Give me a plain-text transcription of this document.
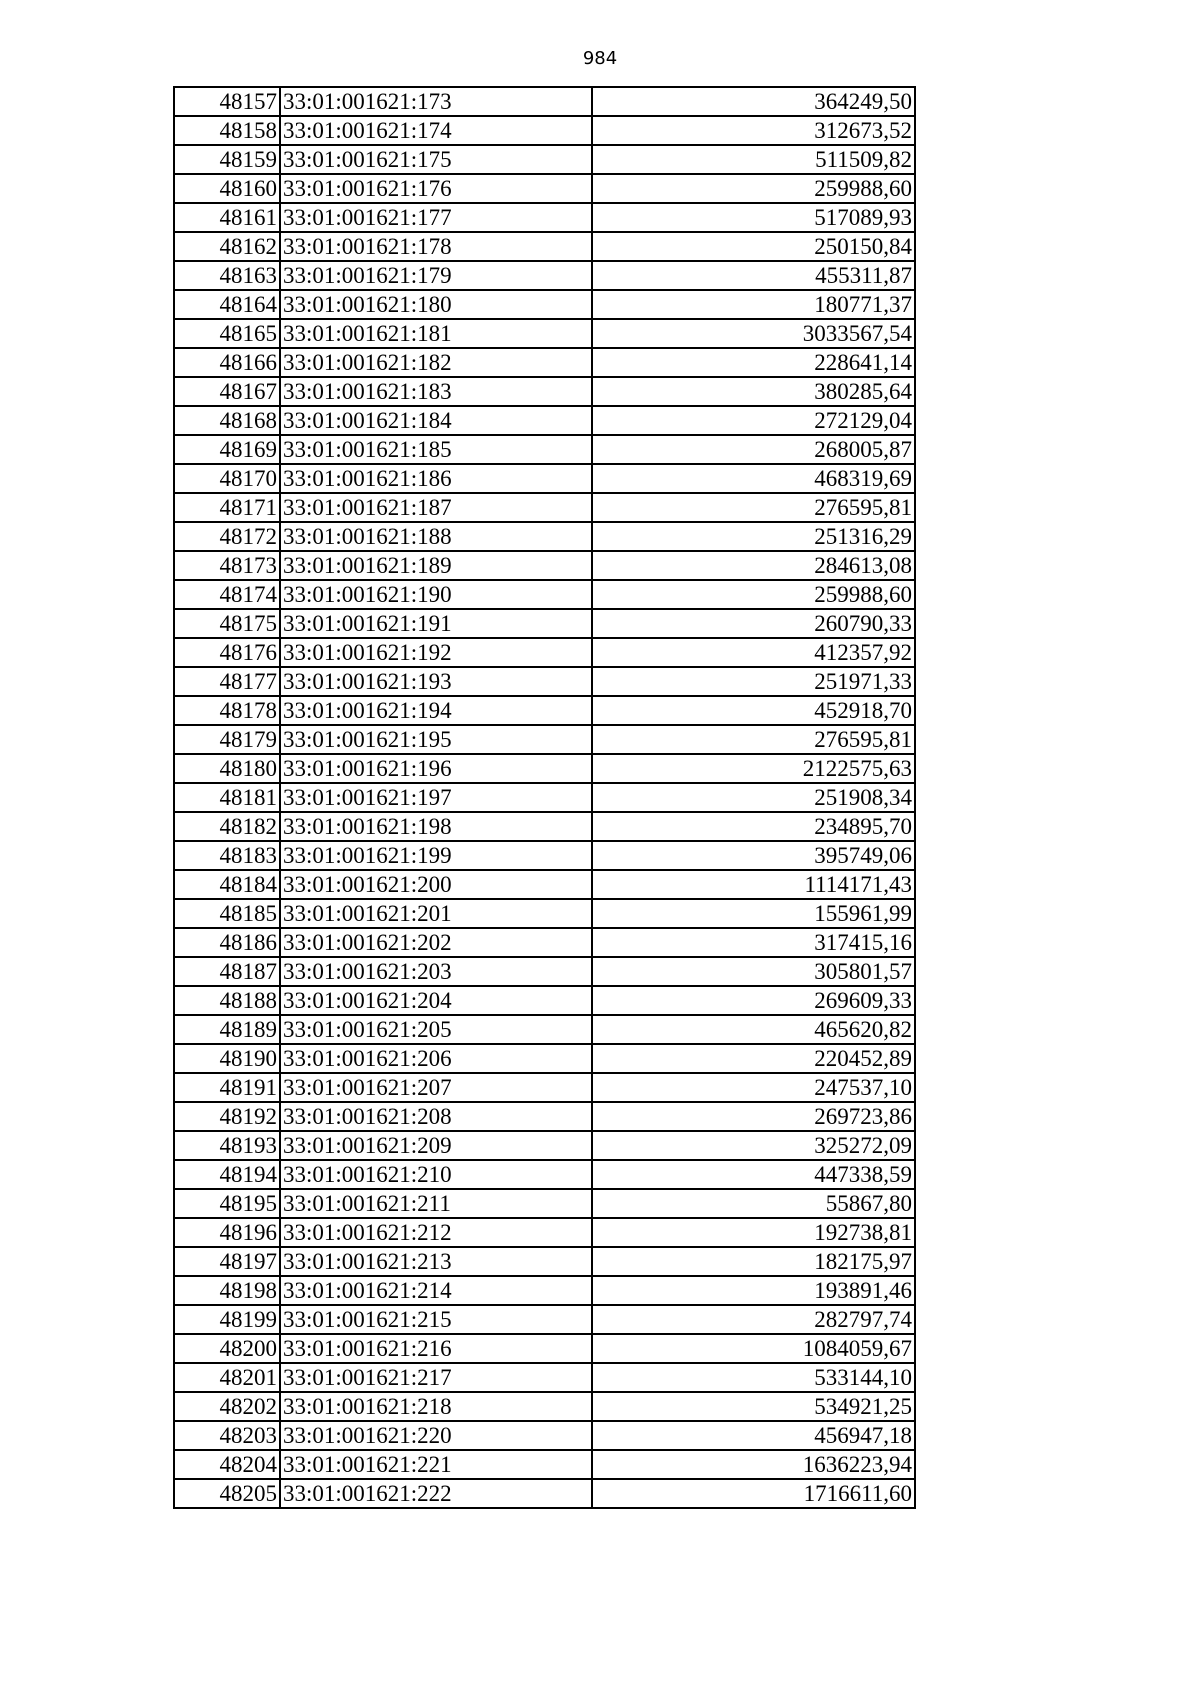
984
48157	33:01:001621:173	364249,50
48158	33:01:001621:174	312673,52
48159	33:01:001621:175	511509,82
48160	33:01:001621:176	259988,60
48161	33:01:001621:177	517089,93
48162	33:01:001621:178	250150,84
48163	33:01:001621:179	455311,87
48164	33:01:001621:180	180771,37
48165	33:01:001621:181	3033567,54
48166	33:01:001621:182	228641,14
48167	33:01:001621:183	380285,64
48168	33:01:001621:184	272129,04
48169	33:01:001621:185	268005,87
48170	33:01:001621:186	468319,69
48171	33:01:001621:187	276595,81
48172	33:01:001621:188	251316,29
48173	33:01:001621:189	284613,08
48174	33:01:001621:190	259988,60
48175	33:01:001621:191	260790,33
48176	33:01:001621:192	412357,92
48177	33:01:001621:193	251971,33
48178	33:01:001621:194	452918,70
48179	33:01:001621:195	276595,81
48180	33:01:001621:196	2122575,63
48181	33:01:001621:197	251908,34
48182	33:01:001621:198	234895,70
48183	33:01:001621:199	395749,06
48184	33:01:001621:200	1114171,43
48185	33:01:001621:201	155961,99
48186	33:01:001621:202	317415,16
48187	33:01:001621:203	305801,57
48188	33:01:001621:204	269609,33
48189	33:01:001621:205	465620,82
48190	33:01:001621:206	220452,89
48191	33:01:001621:207	247537,10
48192	33:01:001621:208	269723,86
48193	33:01:001621:209	325272,09
48194	33:01:001621:210	447338,59
48195	33:01:001621:211	55867,80
48196	33:01:001621:212	192738,81
48197	33:01:001621:213	182175,97
48198	33:01:001621:214	193891,46
48199	33:01:001621:215	282797,74
48200	33:01:001621:216	1084059,67
48201	33:01:001621:217	533144,10
48202	33:01:001621:218	534921,25
48203	33:01:001621:220	456947,18
48204	33:01:001621:221	1636223,94
48205	33:01:001621:222	1716611,60
